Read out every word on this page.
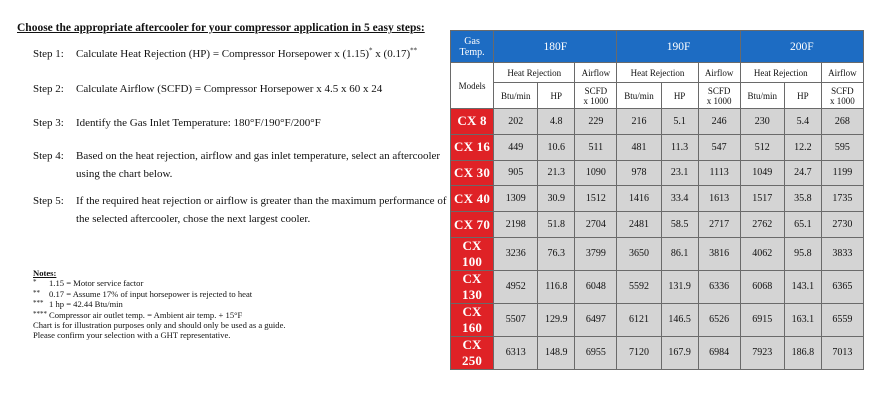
Choose the appropriate aftercooler for your compressor application in 5 easy steps:
Step 1:	Calculate Heat Rejection (HP) = Compressor Horsepower x (1.15)* x (0.17)**
Step 2:	Calculate Airflow (SCFD) = Compressor Horsepower x 4.5 x 60 x 24
Step 3:	Identify the Gas Inlet Temperature: 180°F/190°F/200°F
Step 4:	Based on the heat rejection, airflow and gas inlet temperature, select an aftercooler using the chart below.
Step 5:	If the required heat rejection or airflow is greater than the maximum performance of the selected aftercooler, chose the next largest cooler.
Notes:
* 1.15 = Motor service factor
** 0.17 = Assume 17% of input horsepower is rejected to heat
*** 1 hp = 42.44 Btu/min
**** Compressor air outlet temp. = Ambient air temp. + 15°F
Chart is for illustration purposes only and should only be used as a guide.
Please confirm your selection with a GHT representative.
Gas
Temp.	180F			190F			200F		
Models	Heat Rejection		Airflow	Heat Rejection		Airflow	Heat Rejection		Airflow
	Btu/min	HP	SCFD
x 1000	Btu/min	HP	SCFD
x 1000	Btu/min	HP	SCFD
x 1000
CX 8	202	4.8	229	216	5.1	246	230	5.4	268
CX 16	449	10.6	511	481	11.3	547	512	12.2	595
CX 30	905	21.3	1090	978	23.1	1113	1049	24.7	1199
CX 40	1309	30.9	1512	1416	33.4	1613	1517	35.8	1735
CX 70	2198	51.8	2704	2481	58.5	2717	2762	65.1	2730
CX 100	3236	76.3	3799	3650	86.1	3816	4062	95.8	3833
CX 130	4952	116.8	6048	5592	131.9	6336	6068	143.1	6365
CX 160	5507	129.9	6497	6121	146.5	6526	6915	163.1	6559
CX 250	6313	148.9	6955	7120	167.9	6984	7923	186.8	7013
